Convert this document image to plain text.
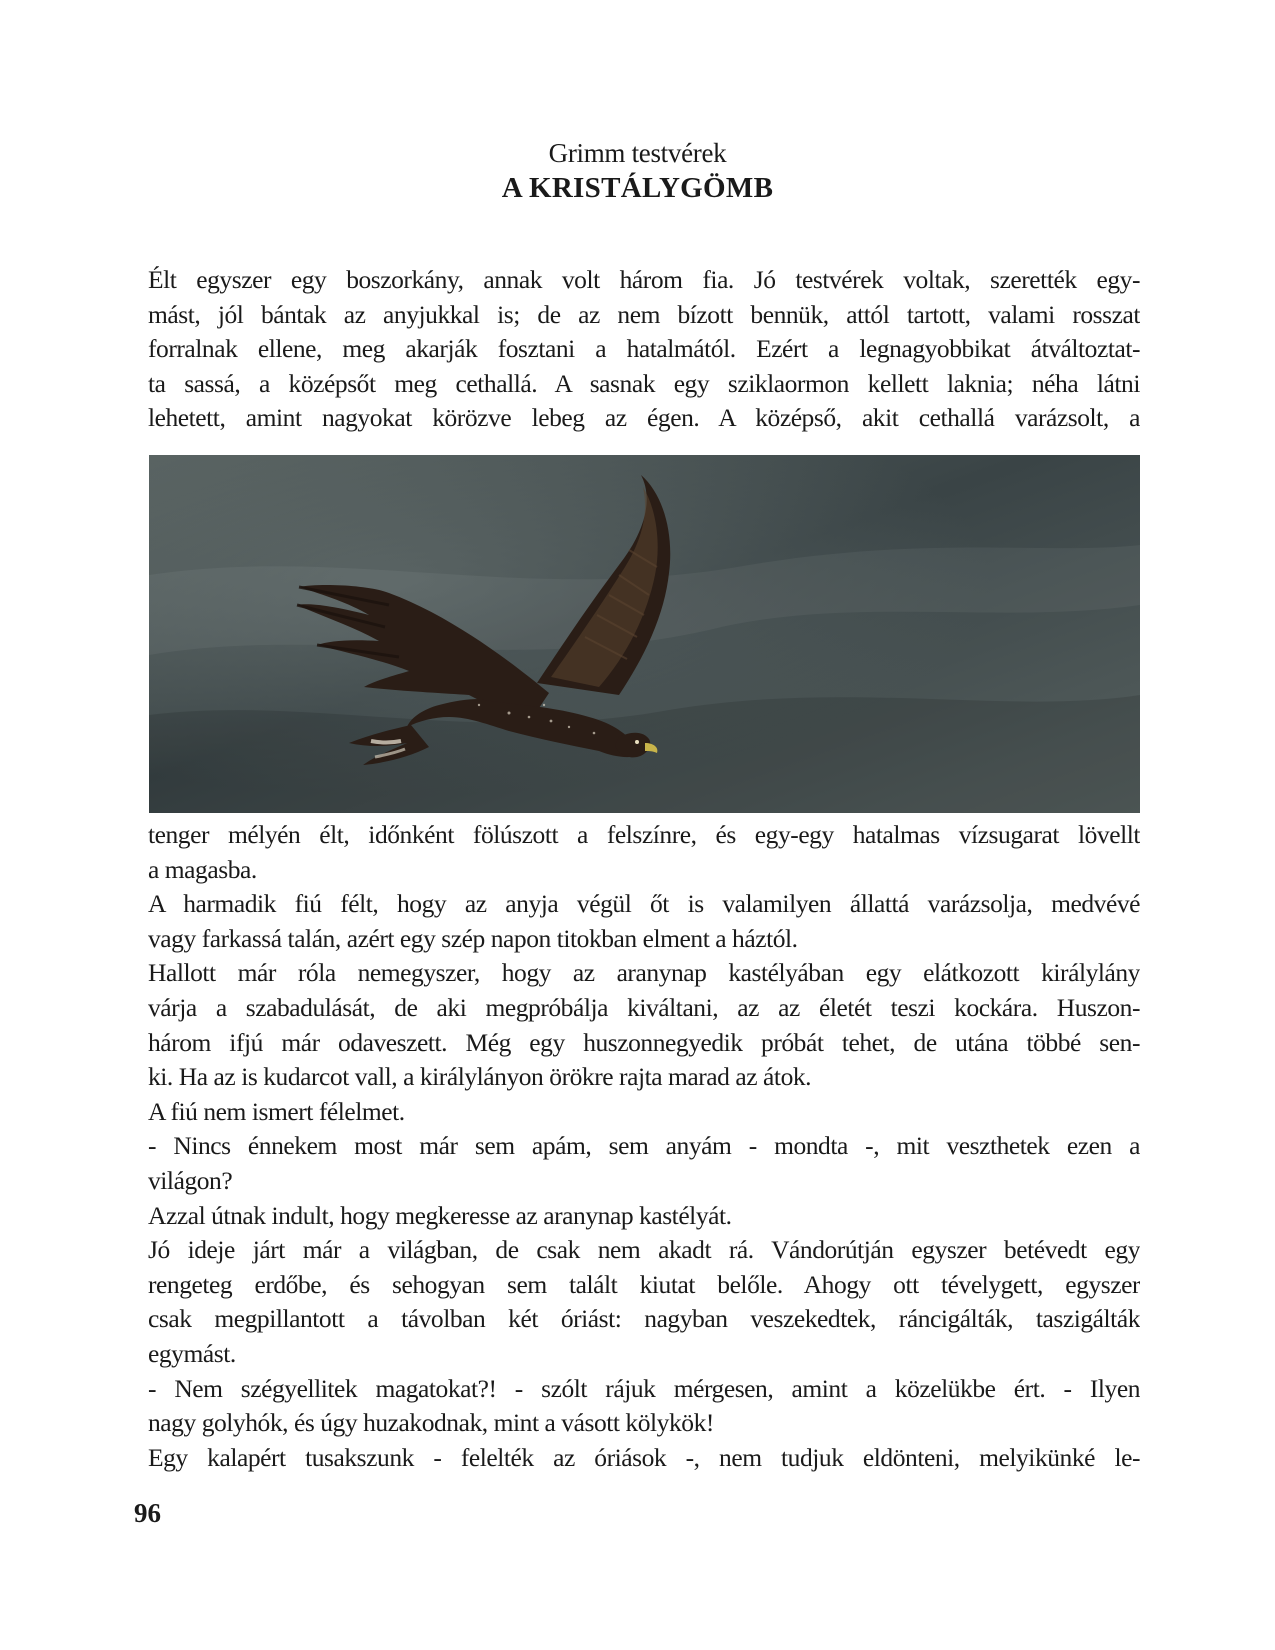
Grimm testvérek
A KRISTÁLYGÖMB
Élt egyszer egy boszorkány, annak volt három fia. Jó testvérek voltak, szerették egy-
mást, jól bántak az anyjukkal is; de az nem bízott bennük, attól tartott, valami rosszat
forralnak ellene, meg akarják fosztani a hatalmától. Ezért a legnagyobbikat átváltoztat-
ta sassá, a középsőt meg cethallá. A sasnak egy sziklaormon kellett laknia; néha látni
lehetett, amint nagyokat körözve lebeg az égen. A középső, akit cethallá varázsolt, a
tenger mélyén élt, időnként fölúszott a felszínre, és egy-egy hatalmas vízsugarat lövellt
a magasba.
A harmadik fiú félt, hogy az anyja végül őt is valamilyen állattá varázsolja, medvévé
vagy farkassá talán, azért egy szép napon titokban elment a háztól.
Hallott már róla nemegyszer, hogy az aranynap kastélyában egy elátkozott királylány
várja a szabadulását, de aki megpróbálja kiváltani, az az életét teszi kockára. Huszon-
három ifjú már odaveszett. Még egy huszonnegyedik próbát tehet, de utána többé sen-
ki. Ha az is kudarcot vall, a királylányon örökre rajta marad az átok.
A fiú nem ismert félelmet.
- Nincs énnekem most már sem apám, sem anyám - mondta -, mit veszthetek ezen a
világon?
Azzal útnak indult, hogy megkeresse az aranynap kastélyát.
Jó ideje járt már a világban, de csak nem akadt rá. Vándorútján egyszer betévedt egy
rengeteg erdőbe, és sehogyan sem talált kiutat belőle. Ahogy ott tévelygett, egyszer
csak megpillantott a távolban két óriást: nagyban veszekedtek, ráncigálták, taszigálták
egymást.
- Nem szégyellitek magatokat?! - szólt rájuk mérgesen, amint a közelükbe ért. - Ilyen
nagy golyhók, és úgy huzakodnak, mint a vásott kölykök!
Egy kalapért tusakszunk - felelték az óriások -, nem tudjuk eldönteni, melyikünké le-
96
